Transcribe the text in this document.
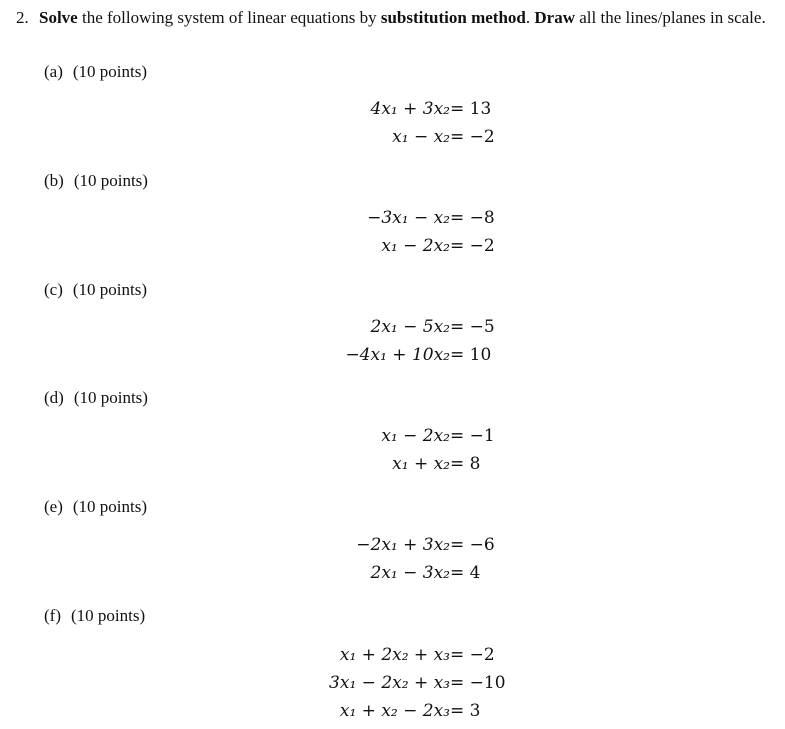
2. Solve the following system of linear equations by substitution method. Draw all the lines/planes in scale.
(a) (10 points)
4x₁ + 3x₂ = 13
x₁ − x₂ = −2
(b) (10 points)
−3x₁ − x₂ = −8
x₁ − 2x₂ = −2
(c) (10 points)
2x₁ − 5x₂ = −5
−4x₁ + 10x₂ = 10
(d) (10 points)
x₁ − 2x₂ = −1
x₁ + x₂ = 8
(e) (10 points)
−2x₁ + 3x₂ = −6
2x₁ − 3x₂ = 4
(f) (10 points)
x₁ + 2x₂ + x₃ = −2
3x₁ − 2x₂ + x₃ = −10
x₁ + x₂ − 2x₃ = 3
